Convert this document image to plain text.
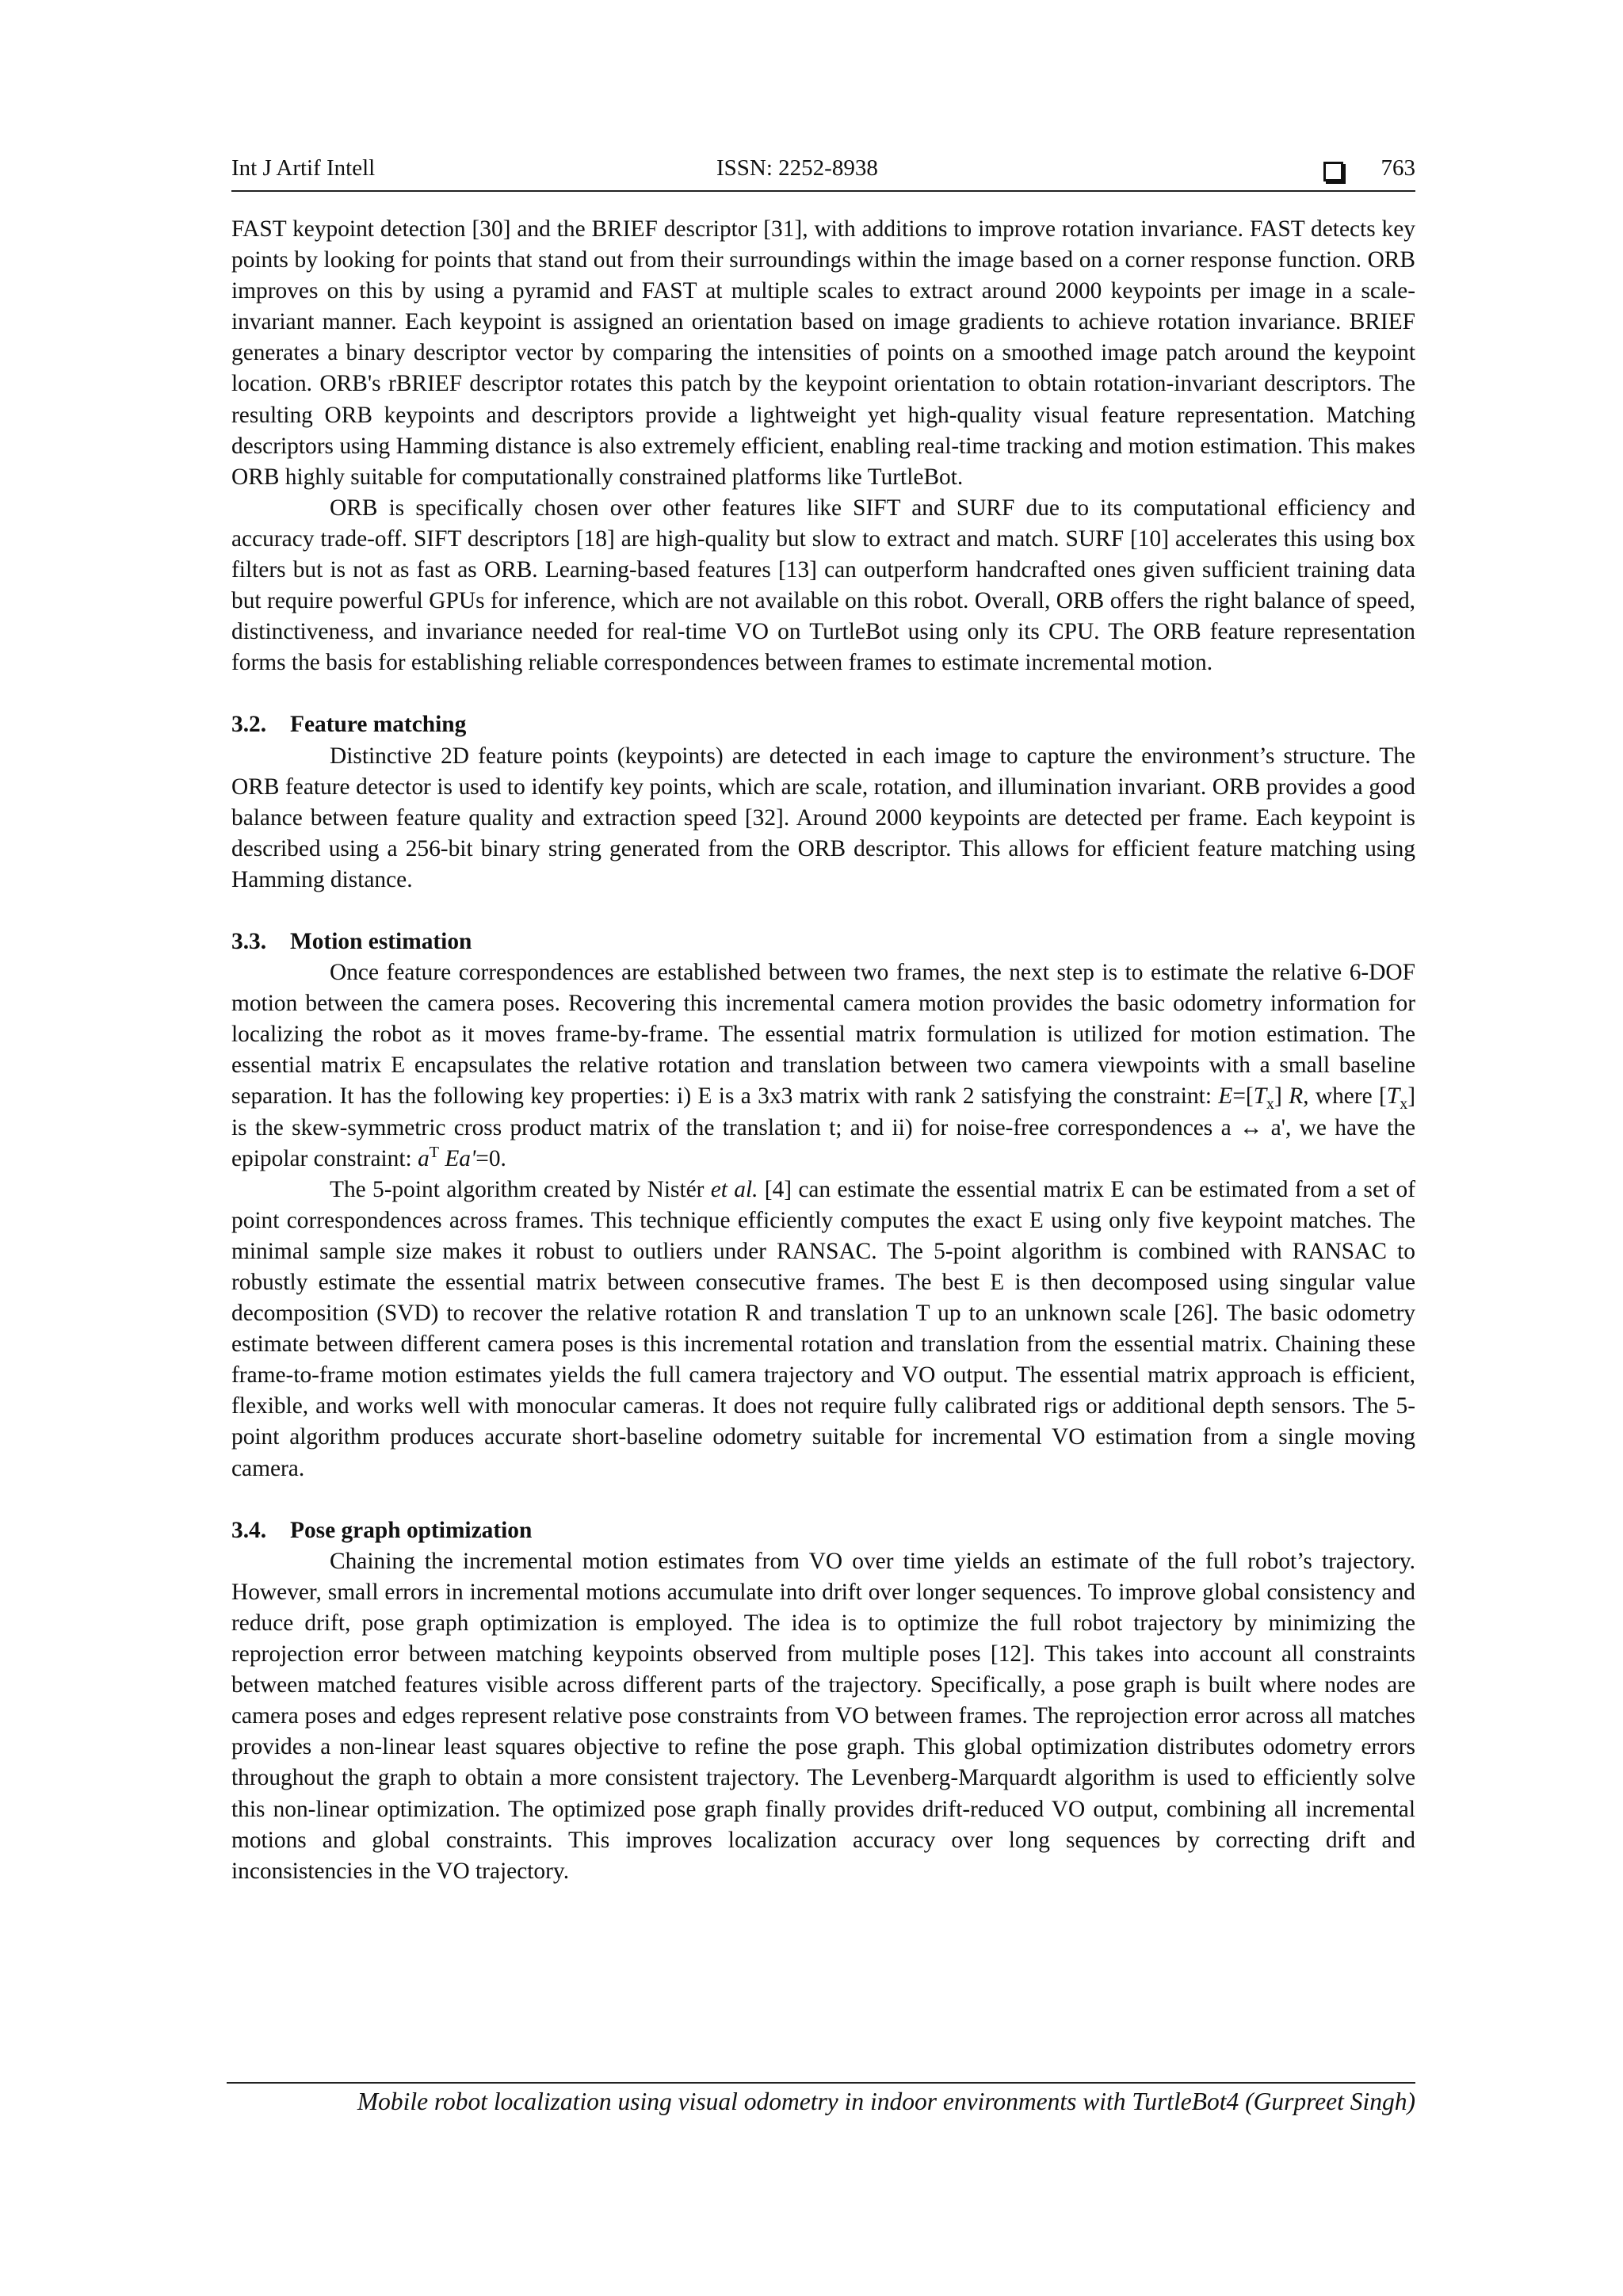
Int J Artif Intell	ISSN: 2252-8938	763

FAST keypoint detection [30] and the BRIEF descriptor [31], with additions to improve rotation invariance. FAST detects key points by looking for points that stand out from their surroundings within the image based on a corner response function. ORB improves on this by using a pyramid and FAST at multiple scales to extract around 2000 keypoints per image in a scale-invariant manner. Each keypoint is assigned an orientation based on image gradients to achieve rotation invariance. BRIEF generates a binary descriptor vector by comparing the intensities of points on a smoothed image patch around the keypoint location. ORB's rBRIEF descriptor rotates this patch by the keypoint orientation to obtain rotation-invariant descriptors. The resulting ORB keypoints and descriptors provide a lightweight yet high-quality visual feature representation. Matching descriptors using Hamming distance is also extremely efficient, enabling real-time tracking and motion estimation. This makes ORB highly suitable for computationally constrained platforms like TurtleBot.

ORB is specifically chosen over other features like SIFT and SURF due to its computational efficiency and accuracy trade-off. SIFT descriptors [18] are high-quality but slow to extract and match. SURF [10] accelerates this using box filters but is not as fast as ORB. Learning-based features [13] can outperform handcrafted ones given sufficient training data but require powerful GPUs for inference, which are not available on this robot. Overall, ORB offers the right balance of speed, distinctiveness, and invariance needed for real-time VO on TurtleBot using only its CPU. The ORB feature representation forms the basis for establishing reliable correspondences between frames to estimate incremental motion.

3.2. Feature matching

Distinctive 2D feature points (keypoints) are detected in each image to capture the environment’s structure. The ORB feature detector is used to identify key points, which are scale, rotation, and illumination invariant. ORB provides a good balance between feature quality and extraction speed [32]. Around 2000 keypoints are detected per frame. Each keypoint is described using a 256-bit binary string generated from the ORB descriptor. This allows for efficient feature matching using Hamming distance.

3.3. Motion estimation

Once feature correspondences are established between two frames, the next step is to estimate the relative 6-DOF motion between the camera poses. Recovering this incremental camera motion provides the basic odometry information for localizing the robot as it moves frame-by-frame. The essential matrix formulation is utilized for motion estimation. The essential matrix E encapsulates the relative rotation and translation between two camera viewpoints with a small baseline separation. It has the following key properties: i) E is a 3x3 matrix with rank 2 satisfying the constraint: $E=[T_x]$ R, where $[T_x]$ is the skew-symmetric cross product matrix of the translation t; and ii) for noise-free correspondences a ↔ a', we have the epipolar constraint: $a^T$ Ea'=0.

The 5-point algorithm created by Nistér et al. [4] can estimate the essential matrix E can be estimated from a set of point correspondences across frames. This technique efficiently computes the exact E using only five keypoint matches. The minimal sample size makes it robust to outliers under RANSAC. The 5-point algorithm is combined with RANSAC to robustly estimate the essential matrix between consecutive frames. The best E is then decomposed using singular value decomposition (SVD) to recover the relative rotation R and translation T up to an unknown scale [26]. The basic odometry estimate between different camera poses is this incremental rotation and translation from the essential matrix. Chaining these frame-to-frame motion estimates yields the full camera trajectory and VO output. The essential matrix approach is efficient, flexible, and works well with monocular cameras. It does not require fully calibrated rigs or additional depth sensors. The 5-point algorithm produces accurate short-baseline odometry suitable for incremental VO estimation from a single moving camera.

3.4. Pose graph optimization

Chaining the incremental motion estimates from VO over time yields an estimate of the full robot’s trajectory. However, small errors in incremental motions accumulate into drift over longer sequences. To improve global consistency and reduce drift, pose graph optimization is employed. The idea is to optimize the full robot trajectory by minimizing the reprojection error between matching keypoints observed from multiple poses [12]. This takes into account all constraints between matched features visible across different parts of the trajectory. Specifically, a pose graph is built where nodes are camera poses and edges represent relative pose constraints from VO between frames. The reprojection error across all matches provides a non-linear least squares objective to refine the pose graph. This global optimization distributes odometry errors throughout the graph to obtain a more consistent trajectory. The Levenberg-Marquardt algorithm is used to efficiently solve this non-linear optimization. The optimized pose graph finally provides drift-reduced VO output, combining all incremental motions and global constraints. This improves localization accuracy over long sequences by correcting drift and inconsistencies in the VO trajectory.

Mobile robot localization using visual odometry in indoor environments with TurtleBot4 (Gurpreet Singh)
